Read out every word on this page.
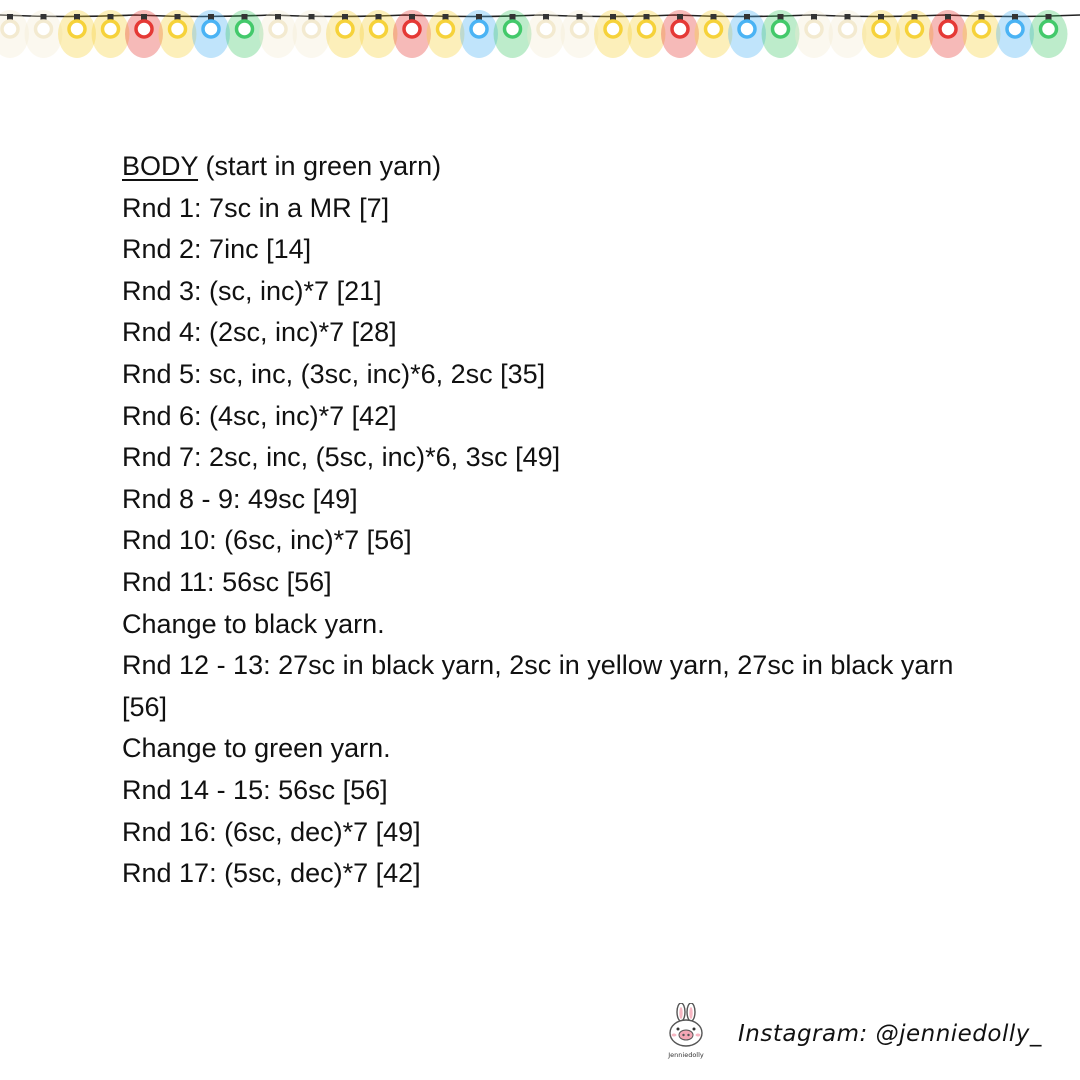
BODY (start in green yarn)
Rnd 1: 7sc in a MR [7]
Rnd 2: 7inc [14]
Rnd 3: (sc, inc)*7 [21]
Rnd 4: (2sc, inc)*7 [28]
Rnd 5: sc, inc, (3sc, inc)*6, 2sc [35]
Rnd 6: (4sc, inc)*7 [42]
Rnd 7: 2sc, inc, (5sc, inc)*6, 3sc [49]
Rnd 8 - 9: 49sc [49]
Rnd 10: (6sc, inc)*7 [56]
Rnd 11: 56sc [56]
Change to black yarn.
Rnd 12 - 13: 27sc in black yarn, 2sc in yellow yarn, 27sc in black yarn [56]
Change to green yarn.
Rnd 14 - 15: 56sc [56]
Rnd 16: (6sc, dec)*7 [49]
Rnd 17: (5sc, dec)*7 [42]
Jenniedolly
Instagram: @jenniedolly_
